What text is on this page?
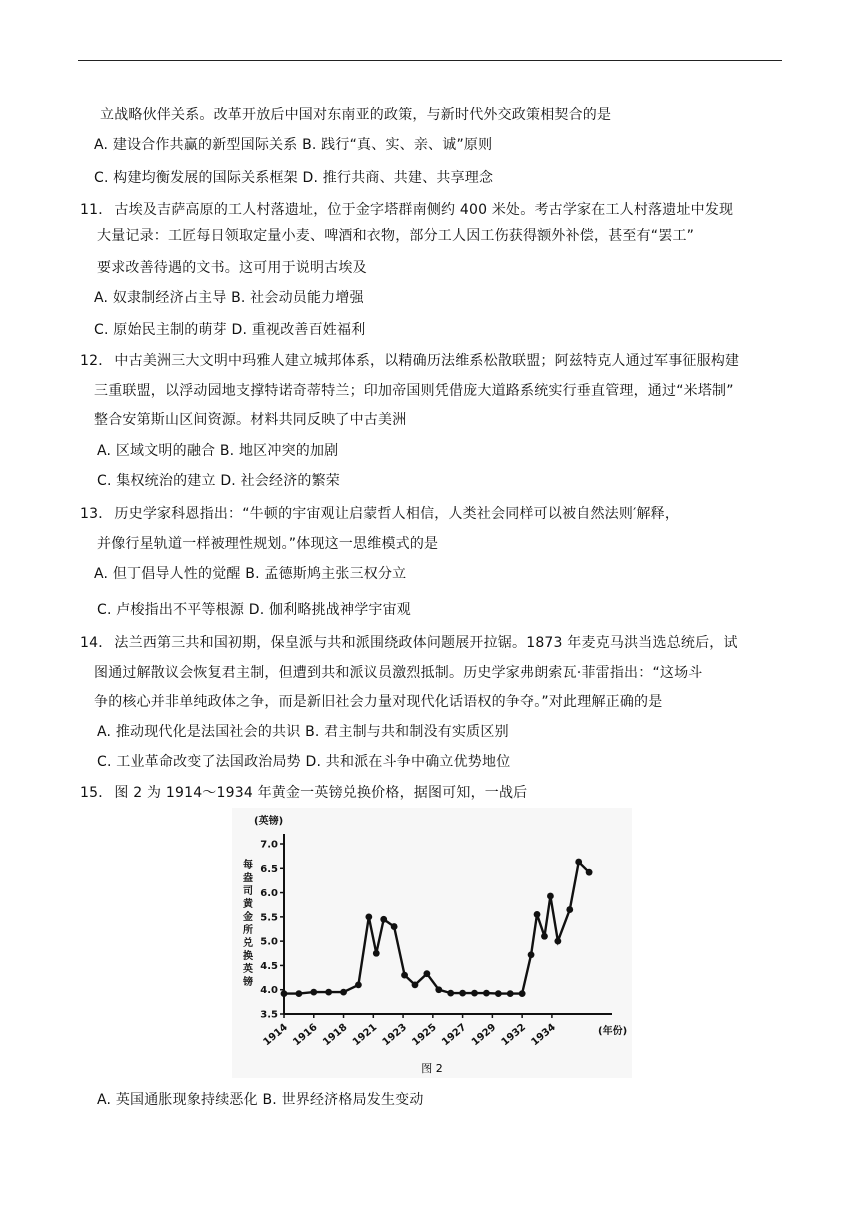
立战略伙伴关系。改革开放后中国对东南亚的政策，与新时代外交政策相契合的是
A. 建设合作共赢的新型国际关系 B. 践行“真、实、亲、诚”原则
C. 构建均衡发展的国际关系框架 D. 推行共商、共建、共享理念
11． 古埃及吉萨高原的工人村落遗址，位于金字塔群南侧约 400 米处。考古学家在工人村落遗址中发现
大量记录：工匠每日领取定量小麦、啤酒和衣物，部分工人因工伤获得额外补偿，甚至有“罢工”
要求改善待遇的文书。这可用于说明古埃及
A. 奴隶制经济占主导 B. 社会动员能力增强
C. 原始民主制的萌芽 D. 重视改善百姓福利
12． 中古美洲三大文明中玛雅人建立城邦体系，以精确历法维系松散联盟；阿兹特克人通过军事征服构建
三重联盟，以浮动园地支撑特诺奇蒂特兰；印加帝国则凭借庞大道路系统实行垂直管理，通过“米塔制”
整合安第斯山区间资源。材料共同反映了中古美洲
A. 区域文明的融合 B. 地区冲突的加剧
C. 集权统治的建立 D. 社会经济的繁荣
13． 历史学家科恩指出：“牛顿的宇宙观让启蒙哲人相信，人类社会同样可以被自然法则′解释，
并像行星轨道一样被理性规划。”体现这一思维模式的是
A. 但丁倡导人性的觉醒 B. 孟德斯鸠主张三权分立
C. 卢梭指出不平等根源 D. 伽利略挑战神学宇宙观
14． 法兰西第三共和国初期，保皇派与共和派围绕政体问题展开拉锯。1873 年麦克马洪当选总统后，试
图通过解散议会恢复君主制，但遭到共和派议员激烈抵制。历史学家弗朗索瓦·菲雷指出：“这场斗
争的核心并非单纯政体之争，而是新旧社会力量对现代化话语权的争夺。”对此理解正确的是
A. 推动现代化是法国社会的共识 B. 君主制与共和制没有实质区别
C. 工业革命改变了法国政治局势 D. 共和派在斗争中确立优势地位
15． 图 2 为 1914～1934 年黄金一英镑兑换价格，据图可知，一战后
(英镑)
每
盎
司
黄
金
所
兑
换
英
镑
7.0
6.5
6.0
5.5
5.0
4.5
4.0
3.5
1914 1916 1918 1921 1923 1925 1927 1929 1932 1934	(年份)
图 2
A. 英国通胀现象持续恶化 B. 世界经济格局发生变动
